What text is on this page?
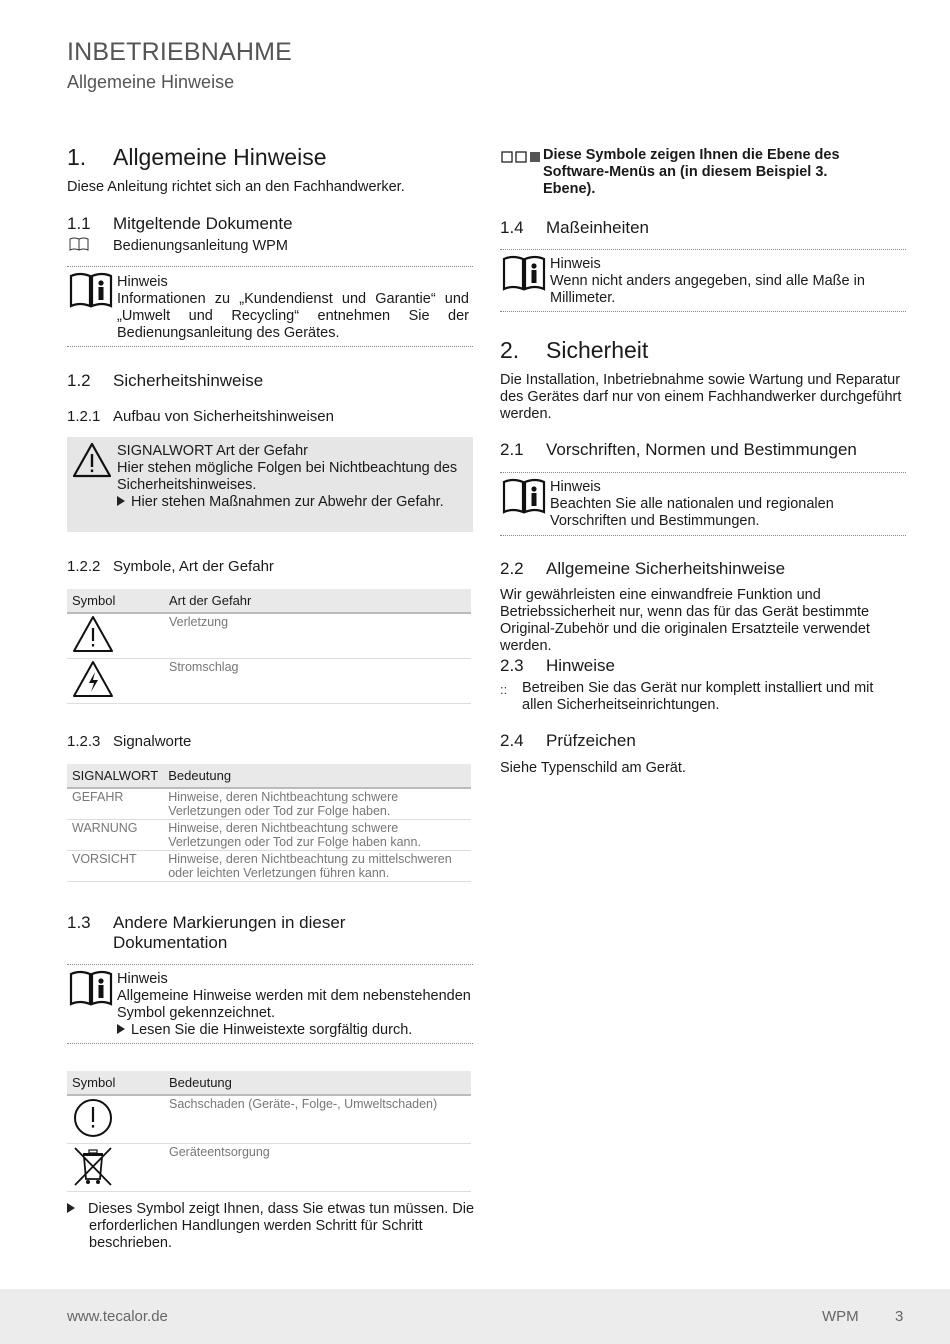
INBETRIEBNAHME
Allgemeine Hinweise
1. Allgemeine Hinweise
Diese Anleitung richtet sich an den Fachhandwerker.
1.1 Mitgeltende Dokumente
Bedienungsanleitung WPM
Hinweis
Informationen zu „Kundendienst und Garantie“ und „Umwelt und Recycling“ entnehmen Sie der Bedienungsanleitung des Gerätes.
1.2 Sicherheitshinweise
1.2.1 Aufbau von Sicherheitshinweisen
SIGNALWORT Art der Gefahr
Hier stehen mögliche Folgen bei Nichtbeachtung des Sicherheitshinweises.
Hier stehen Maßnahmen zur Abwehr der Gefahr.
1.2.2 Symbole, Art der Gefahr
Symbol	Art der Gefahr
	Verletzung
	Stromschlag
1.2.3 Signalworte
SIGNALWORT	Bedeutung
GEFAHR	Hinweise, deren Nichtbeachtung schwere Verletzungen oder Tod zur Folge haben.
WARNUNG	Hinweise, deren Nichtbeachtung schwere Verletzungen oder Tod zur Folge haben kann.
VORSICHT	Hinweise, deren Nichtbeachtung zu mittelschweren oder leichten Verletzungen führen kann.
1.3 Andere Markierungen in dieser
Dokumentation
Hinweis
Allgemeine Hinweise werden mit dem nebenstehenden Symbol gekennzeichnet.
Lesen Sie die Hinweistexte sorgfältig durch.
Symbol	Bedeutung
	Sachschaden (Geräte-, Folge-, Umweltschaden)
	Geräteentsorgung
Dieses Symbol zeigt Ihnen, dass Sie etwas tun müssen. Die erforderlichen Handlungen werden Schritt für Schritt beschrieben.
Diese Symbole zeigen Ihnen die Ebene des Software-Menüs an (in diesem Beispiel 3. Ebene).
1.4 Maßeinheiten
Hinweis
Wenn nicht anders angegeben, sind alle Maße in Millimeter.
2. Sicherheit
Die Installation, Inbetriebnahme sowie Wartung und Reparatur des Gerätes darf nur von einem Fachhandwerker durchgeführt werden.
2.1 Vorschriften, Normen und Bestimmungen
Hinweis
Beachten Sie alle nationalen und regionalen Vorschriften und Bestimmungen.
2.2 Allgemeine Sicherheitshinweise
Wir gewährleisten eine einwandfreie Funktion und Betriebssicherheit nur, wenn das für das Gerät bestimmte Original-Zubehör und die originalen Ersatzteile verwendet werden.
2.3 Hinweise
:: Betreiben Sie das Gerät nur komplett installiert und mit allen Sicherheitseinrichtungen.
2.4 Prüfzeichen
Siehe Typenschild am Gerät.
www.tecalor.de	WPM 3
